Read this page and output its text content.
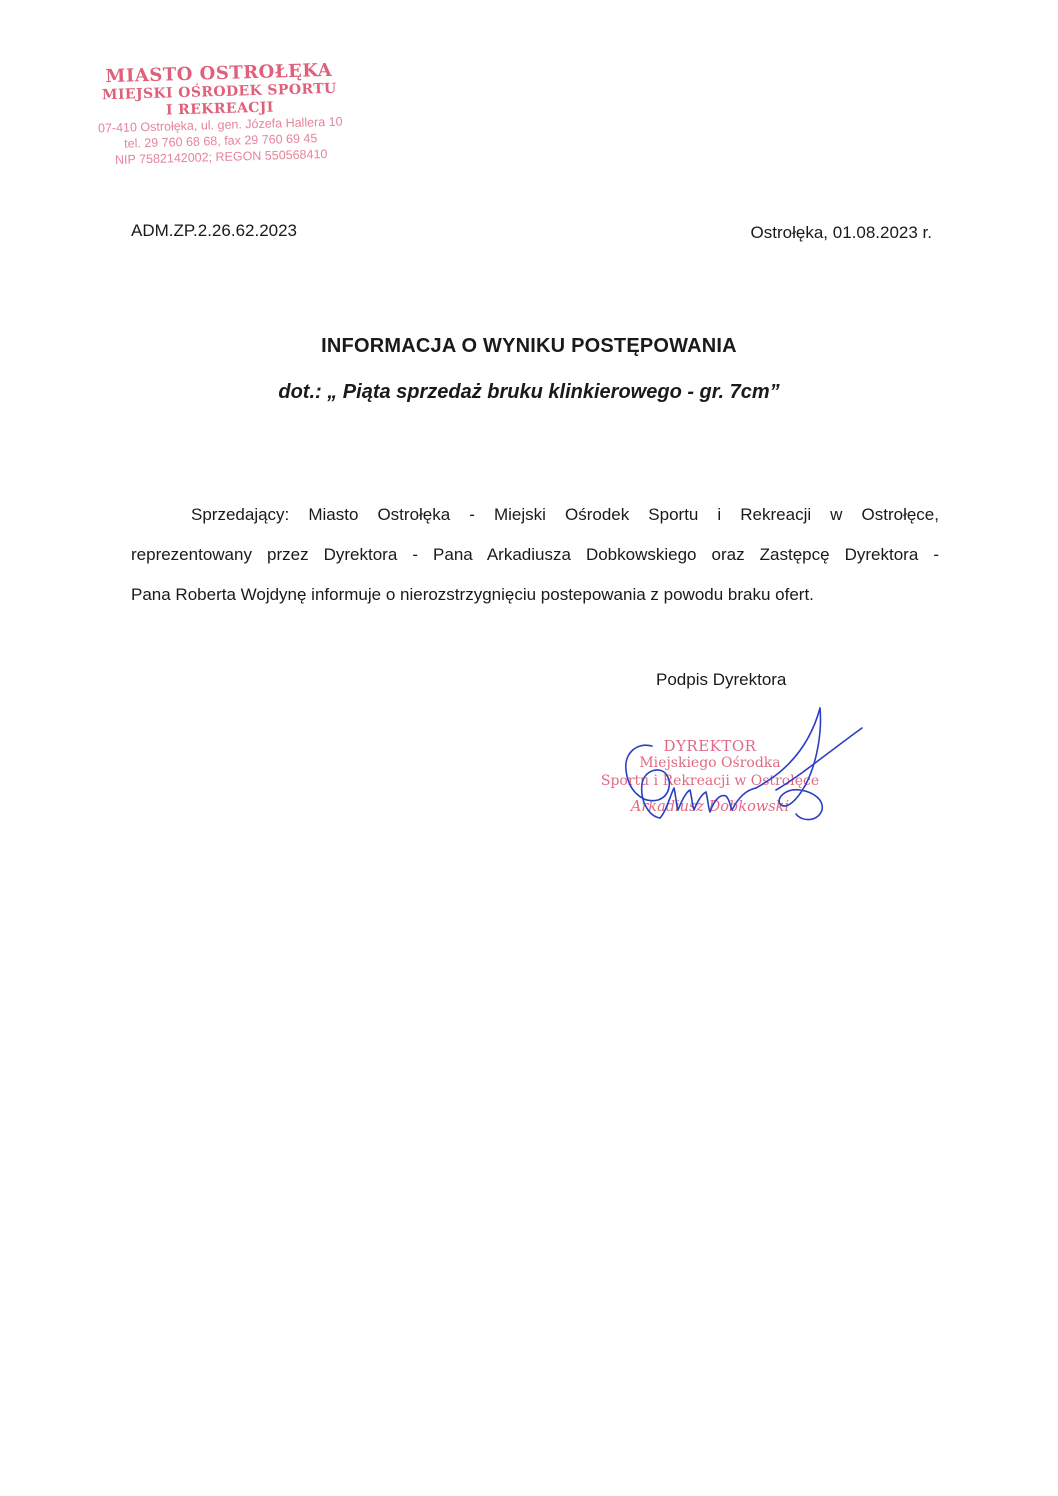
MIASTO OSTROŁĘKA
MIEJSKI OŚRODEK SPORTU
I REKREACJI
07-410 Ostrołęka, ul. gen. Józefa Hallera 10
tel. 29 760 68 68, fax 29 760 69 45
NIP 7582142002; REGON 550568410
ADM.ZP.2.26.62.2023	Ostrołęka, 01.08.2023 r.
INFORMACJA O WYNIKU POSTĘPOWANIA
dot.: „ Piąta sprzedaż bruku klinkierowego - gr. 7cm”
Sprzedający: Miasto Ostrołęka - Miejski Ośrodek Sportu i Rekreacji w Ostrołęce,
reprezentowany przez Dyrektora - Pana Arkadiusza Dobkowskiego oraz Zastępcę Dyrektora -
Pana Roberta Wojdynę informuje o nierozstrzygnięciu postepowania z powodu braku ofert.
Podpis Dyrektora
DYREKTOR
Miejskiego Ośrodka
Sportu i Rekreacji w Ostrołęce
Arkadiusz Dobkowski
